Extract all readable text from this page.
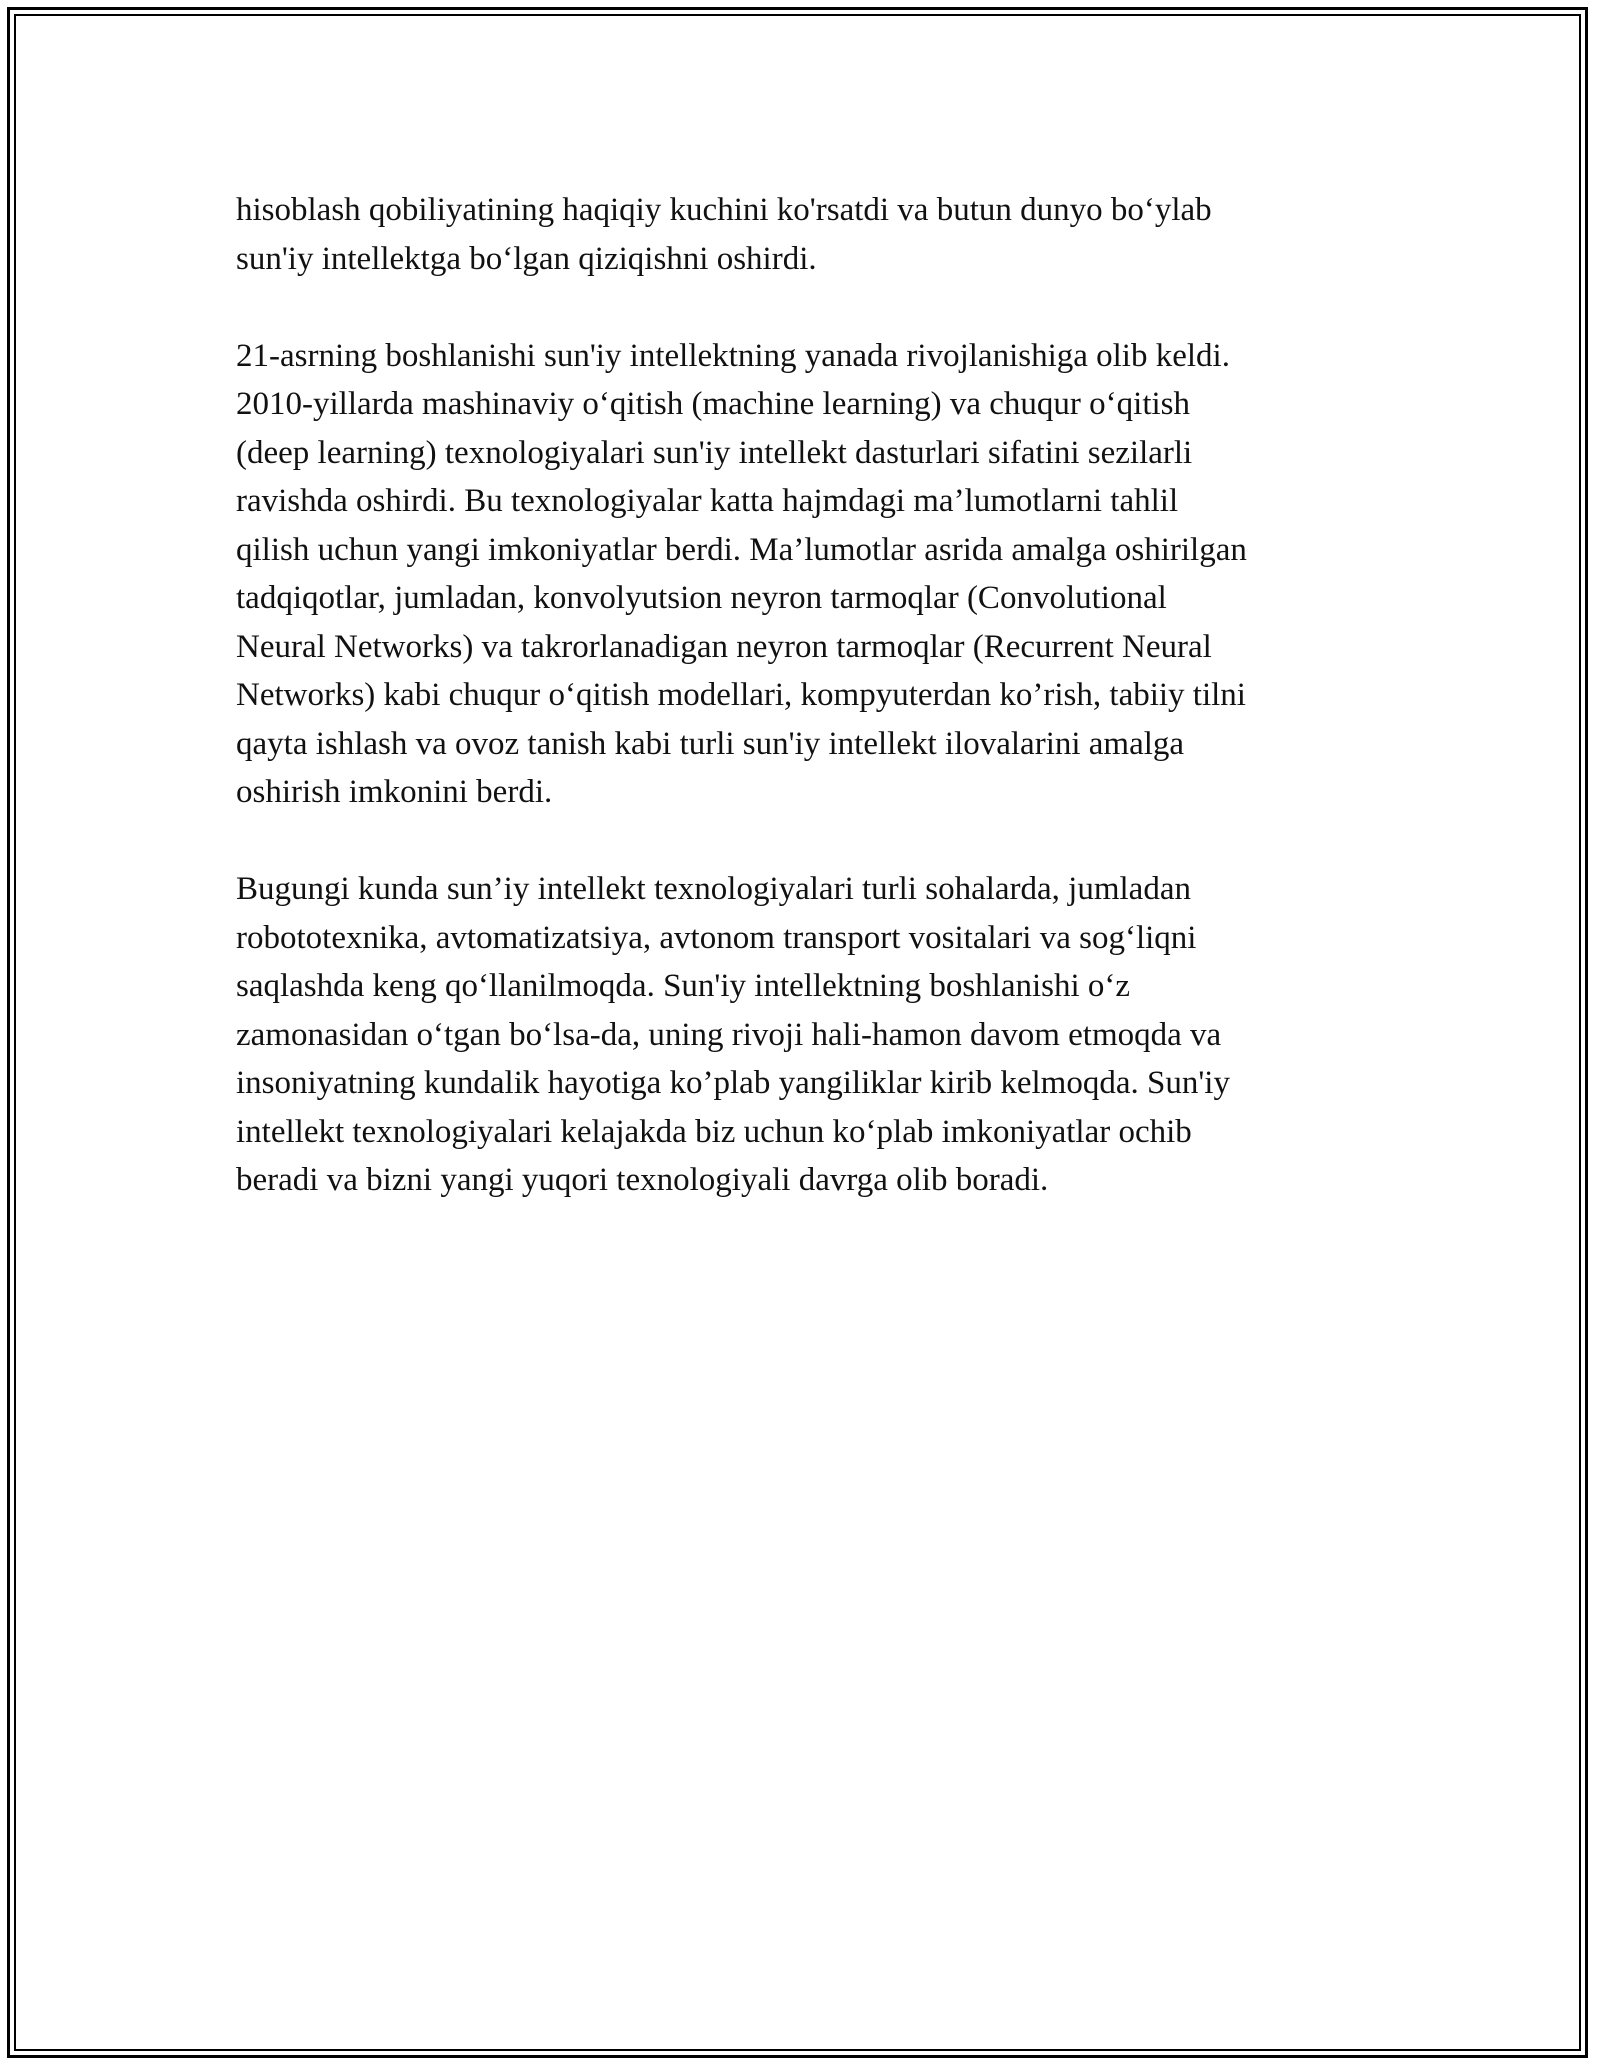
hisoblash qobiliyatining haqiqiy kuchini ko'rsatdi va butun dunyo bo‘ylab
sun'iy intellektga bo‘lgan qiziqishni oshirdi.

21-asrning boshlanishi sun'iy intellektning yanada rivojlanishiga olib keldi.
2010-yillarda mashinaviy o‘qitish (machine learning) va chuqur o‘qitish
(deep learning) texnologiyalari sun'iy intellekt dasturlari sifatini sezilarli
ravishda oshirdi. Bu texnologiyalar katta hajmdagi ma’lumotlarni tahlil
qilish uchun yangi imkoniyatlar berdi. Ma’lumotlar asrida amalga oshirilgan
tadqiqotlar, jumladan, konvolyutsion neyron tarmoqlar (Convolutional
Neural Networks) va takrorlanadigan neyron tarmoqlar (Recurrent Neural
Networks) kabi chuqur o‘qitish modellari, kompyuterdan ko’rish, tabiiy tilni
qayta ishlash va ovoz tanish kabi turli sun'iy intellekt ilovalarini amalga
oshirish imkonini berdi.

Bugungi kunda sun’iy intellekt texnologiyalari turli sohalarda, jumladan
robototexnika, avtomatizatsiya, avtonom transport vositalari va sog‘liqni
saqlashda keng qo‘llanilmoqda. Sun'iy intellektning boshlanishi o‘z
zamonasidan o‘tgan bo‘lsa-da, uning rivoji hali-hamon davom etmoqda va
insoniyatning kundalik hayotiga ko’plab yangiliklar kirib kelmoqda. Sun'iy
intellekt texnologiyalari kelajakda biz uchun ko‘plab imkoniyatlar ochib
beradi va bizni yangi yuqori texnologiyali davrga olib boradi.
